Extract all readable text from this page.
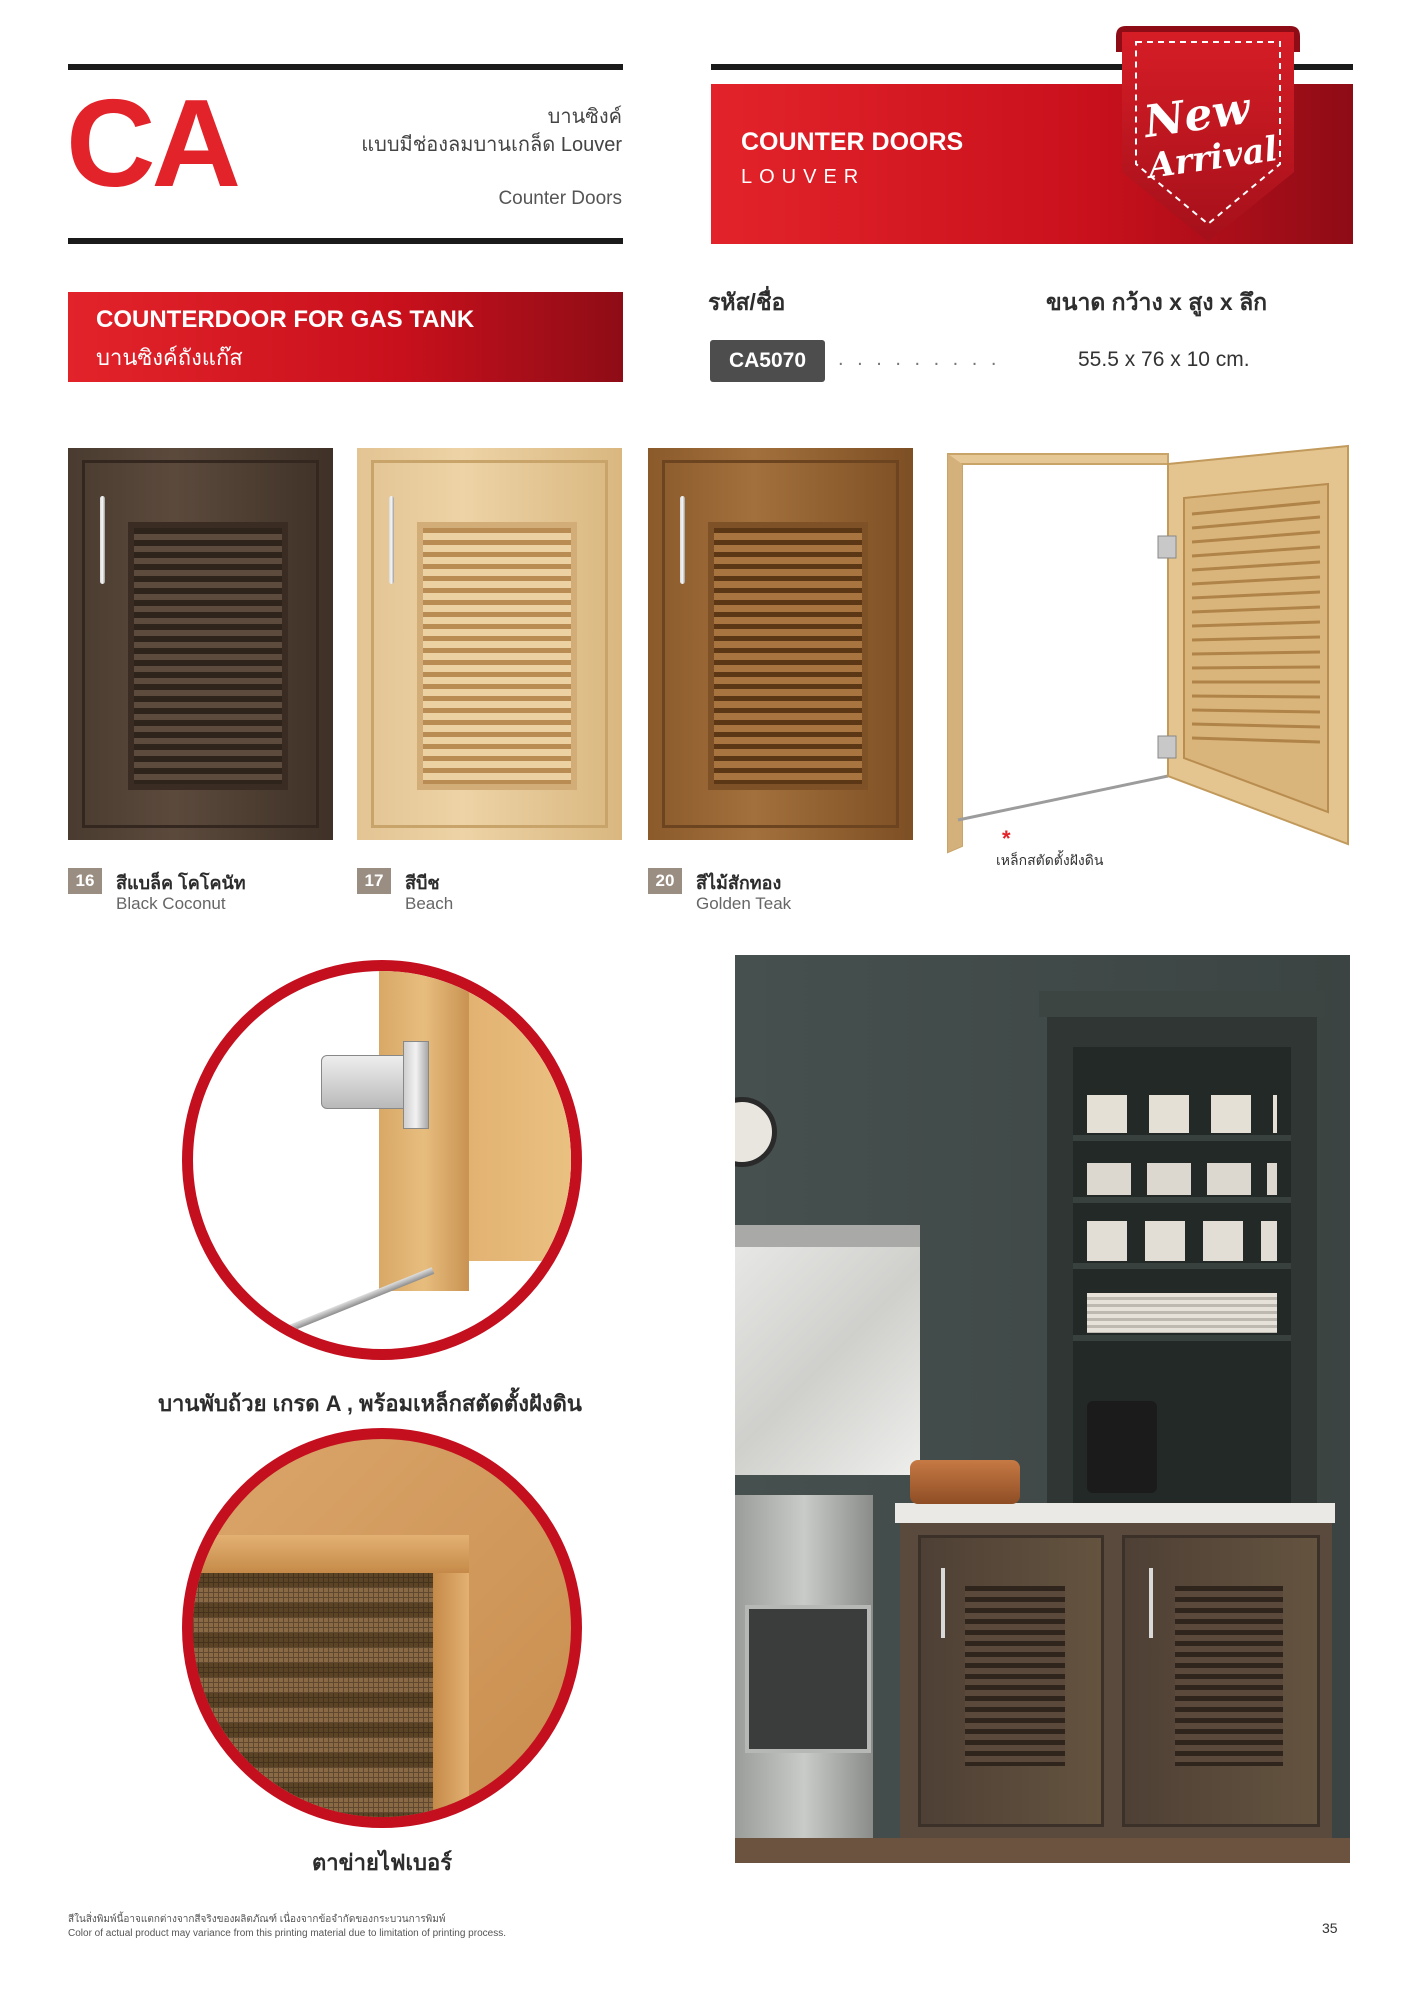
CA	บานซิงค์
แบบมีช่องลมบานเกล็ด Louver
Counter Doors
COUNTER DOORS
LOUVER
New
Arrival
COUNTERDOOR FOR GAS TANK
บานซิงค์ถังแก๊ส
รหัส/ชื่อ	ขนาด กว้าง x สูง x ลึก
CA5070	. . . . . . . . .	55.5 x 76 x 10 cm.
16	สีแบล็ค โคโคนัท
Black Coconut
17	สีบีช
Beach
20	สีไม้สักทอง
Golden Teak
*
เหล็กสตัดตั้งฝังดิน
บานพับถ้วย เกรด A , พร้อมเหล็กสตัดตั้งฝังดิน
ตาข่ายไฟเบอร์
สีในสิ่งพิมพ์นี้อาจแตกต่างจากสีจริงของผลิตภัณฑ์ เนื่องจากข้อจำกัดของกระบวนการพิมพ์
Color of actual product may variance from this printing material due to limitation of printing process.	35
